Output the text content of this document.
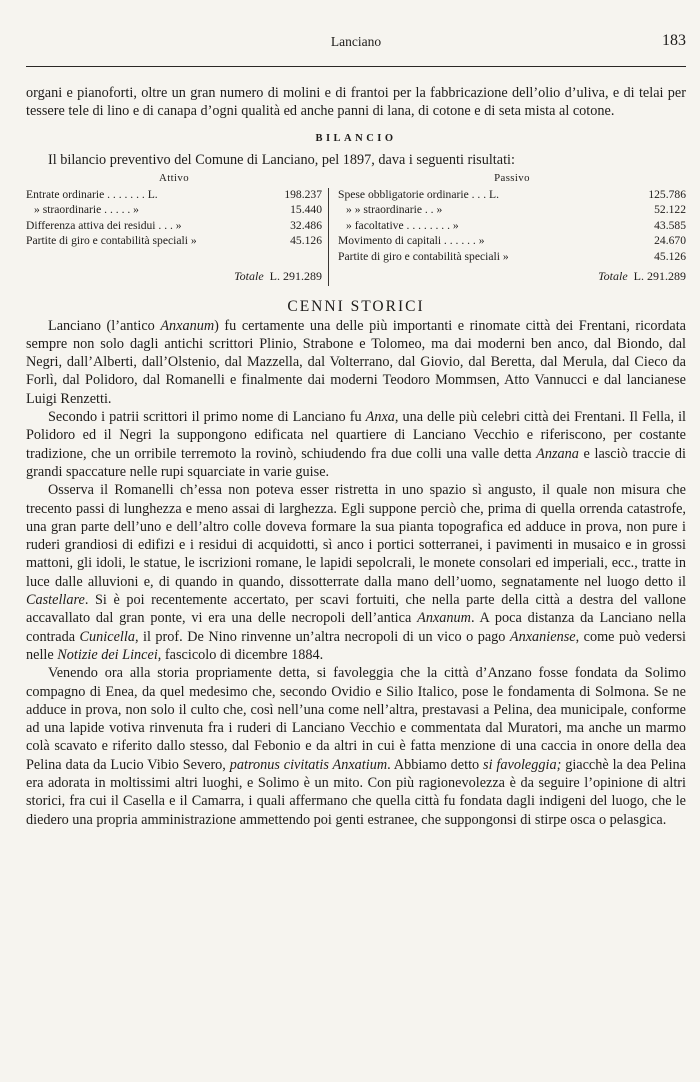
Lanciano	183

organi e pianoforti, oltre un gran numero di molini e di frantoi per la fabbricazione dell’olio d’uliva, e di telai per tessere tele di lino e di canapa d’ogni qualità ed anche panni di lana, di cotone e di seta mista al cotone.

BILANCIO

Il bilancio preventivo del Comune di Lanciano, pel 1897, dava i seguenti risultati:

Attivo
Entrate ordinarie . . . . . . . L.	198.237
» straordinarie . . . . . »	15.440
Differenza attiva dei residui . . . »	32.486
Partite di giro e contabilità speciali »	45.126
Totale L. 291.289
Passivo
Spese obbligatorie ordinarie . . . L.	125.786
» » straordinarie . . »	52.122
» facoltative . . . . . . . . »	43.585
Movimento di capitali . . . . . . »	24.670
Partite di giro e contabilità speciali »	45.126
Totale L. 291.289
CENNI STORICI

Lanciano (l’antico Anxanum) fu certamente una delle più importanti e rinomate città dei Frentani, ricordata sempre non solo dagli antichi scrittori Plinio, Strabone e Tolomeo, ma dai moderni ben anco, dal Biondo, dal Negri, dall’Alberti, dall’Olstenio, dal Mazzella, dal Volterrano, dal Giovio, dal Beretta, dal Merula, dal Cieco da Forlì, dal Polidoro, dal Romanelli e finalmente dai moderni Teodoro Mommsen, Atto Vannucci e dal lancianese Luigi Renzetti.

Secondo i patrii scrittori il primo nome di Lanciano fu Anxa, una delle più celebri città dei Frentani. Il Fella, il Polidoro ed il Negri la suppongono edificata nel quartiere di Lanciano Vecchio e riferiscono, per costante tradizione, che un orribile terremoto la rovinò, schiudendo fra due colli una valle detta Anzana e lasciò traccie di grandi spaccature nelle rupi squarciate in varie guise.

Osserva il Romanelli ch’essa non poteva esser ristretta in uno spazio sì angusto, il quale non misura che trecento passi di lunghezza e meno assai di larghezza. Egli suppone perciò che, prima di quella orrenda catastrofe, una gran parte dell’uno e dell’altro colle doveva formare la sua pianta topografica ed adduce in prova, non pure i ruderi grandiosi di edifizi e i residui di acquidotti, sì anco i portici sotterranei, i pavimenti in musaico e in grossi mattoni, gli idoli, le statue, le iscrizioni romane, le lapidi sepolcrali, le monete consolari ed imperiali, ecc., tratte in luce dalle alluvioni e, di quando in quando, dissotterrate dalla mano dell’uomo, segnatamente nel luogo detto il Castellare. Si è poi recentemente accertato, per scavi fortuiti, che nella parte della città a destra del vallone accavallato dal gran ponte, vi era una delle necropoli dell’antica Anxanum. A poca distanza da Lanciano nella contrada Cunicella, il prof. De Nino rinvenne un’altra necropoli di un vico o pago Anxaniense, come può vedersi nelle Notizie dei Lincei, fascicolo di dicembre 1884.

Venendo ora alla storia propriamente detta, si favoleggia che la città d’Anzano fosse fondata da Solimo compagno di Enea, da quel medesimo che, secondo Ovidio e Silio Italico, pose le fondamenta di Solmona. Se ne adduce in prova, non solo il culto che, così nell’una come nell’altra, prestavasi a Pelina, dea municipale, conforme ad una lapide votiva rinvenuta fra i ruderi di Lanciano Vecchio e commentata dal Muratori, ma anche un marmo colà scavato e riferito dallo stesso, dal Febonio e da altri in cui è fatta menzione di una caccia in onore della dea Pelina data da Lucio Vibio Severo, patronus civitatis Anxatium. Abbiamo detto si favoleggia; giacchè la dea Pelina era adorata in moltissimi altri luoghi, e Solimo è un mito. Con più ragionevolezza è da seguire l’opinione di altri storici, fra cui il Casella e il Camarra, i quali affermano che quella città fu fondata dagli indigeni del luogo, che le diedero una propria amministrazione ammettendo poi genti estranee, che suppongonsi di stirpe osca o pelasgica.
